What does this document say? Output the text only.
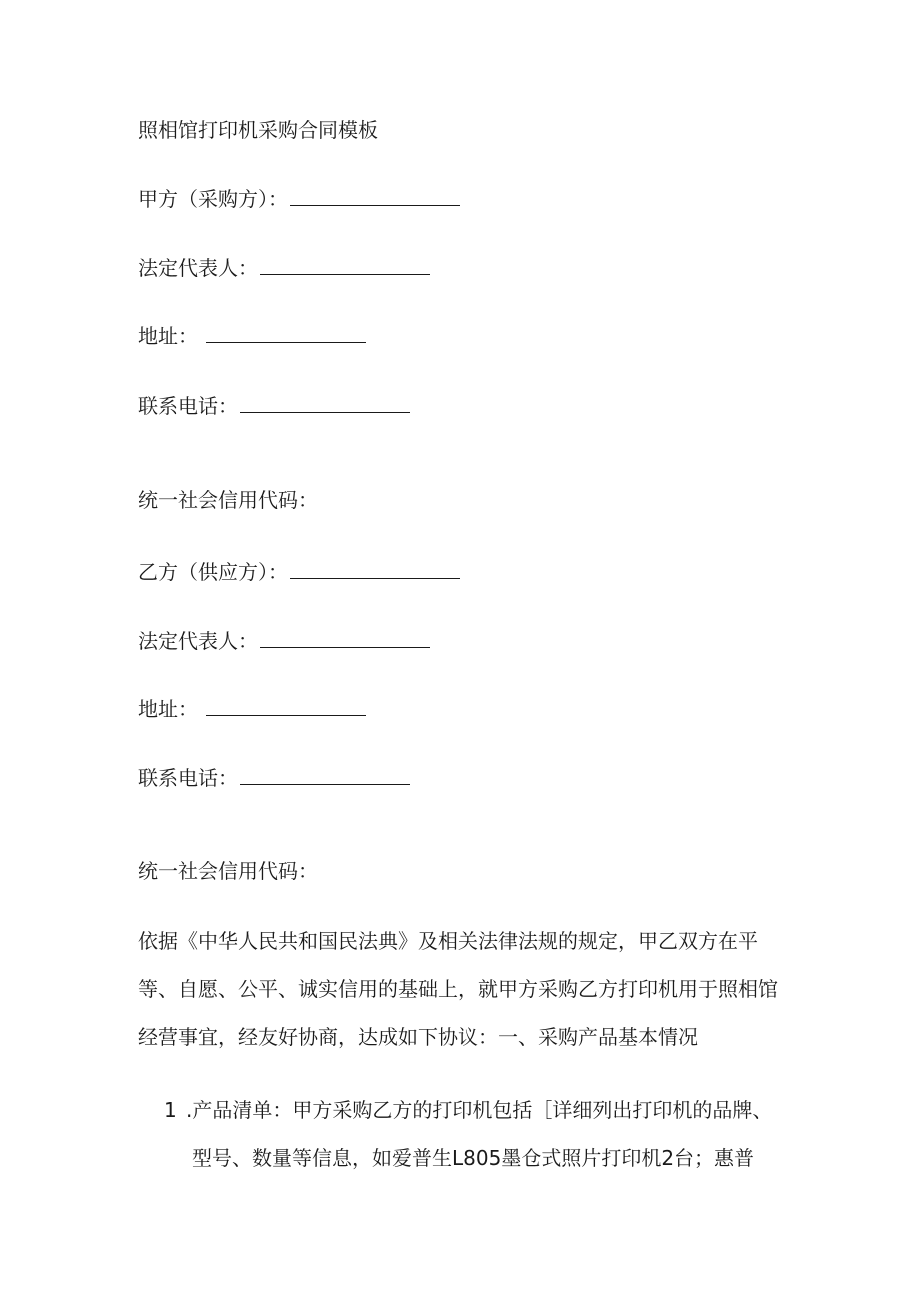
照相馆打印机采购合同模板
甲方（采购方）：
法定代表人：
地址：
联系电话：
统一社会信用代码：
乙方（供应方）：
法定代表人：
地址：
联系电话：
统一社会信用代码：
依据《中华人民共和国民法典》及相关法律法规的规定，甲乙双方在平
等、自愿、公平、诚实信用的基础上，就甲方采购乙方打印机用于照相馆
经营事宜，经友好协商，达成如下协议：一、采购产品基本情况
1 .产品清单：甲方采购乙方的打印机包括［详细列出打印机的品牌、
型号、数量等信息，如爱普生L805墨仓式照片打印机2台；惠普
